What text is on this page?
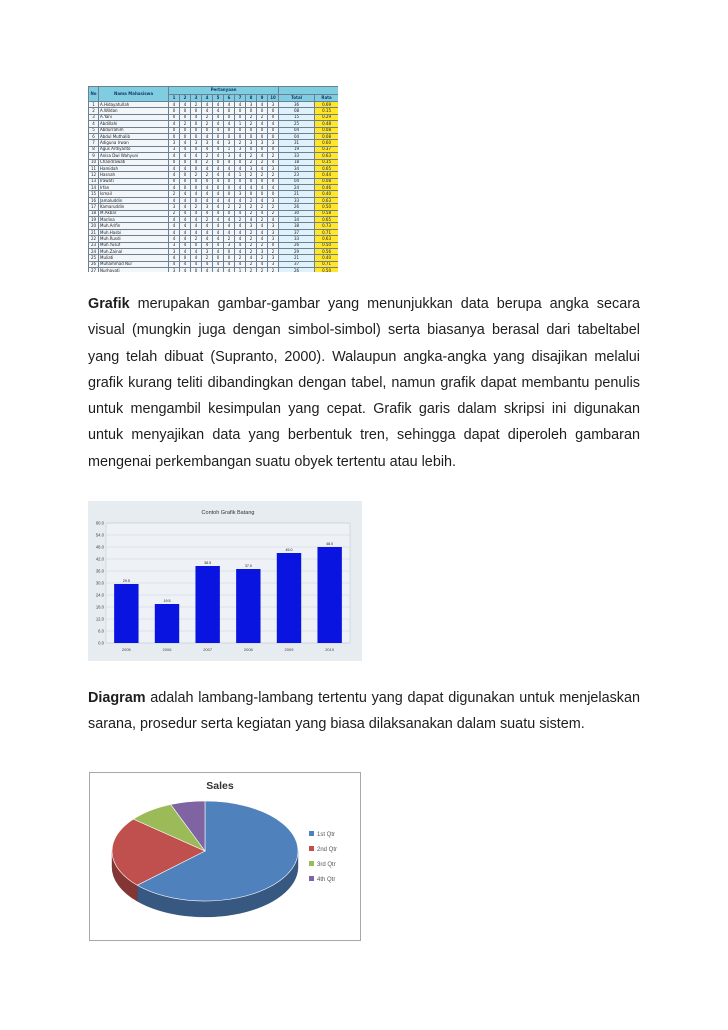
No	Nama Mahasiswa	Pertanyaan											
		1	2	3	4	5	6	7	8	9	10	Total	Rata
1	A.Hidayatullah	4	4	2	4	4	4	4	3	4	3	36	0.69
2	A.Wildan	0	0	0	4	4	0	0	0	0	0	08	0.15
3	A.Yani	0	0	4	2	4	0	0	2	2	0	15	0.29
4	Abdillahi	4	2	0	2	4	4	1	2	4	4	25	0.48
5	Abdurrahim	0	0	0	0	4	0	0	0	0	0	04	0.08
6	Abdul Muthalib	0	0	0	4	0	0	0	0	0	0	04	0.08
7	Adiguna Irwan	3	4	3	3	4	3	2	3	3	3	31	0.60
8	Agus Ardiyanto	3	4	0	4	4	1	3	0	0	0	19	0.37
9	Anisa Dwi Wahyuni	4	4	4	2	4	3	4	2	4	2	33	0.63
10	Chandrawati	0	0	4	2	0	4	0	2	2	4	18	0.35
11	Hamidah	4	4	0	4	4	4	4	3	4	3	34	0.65
12	Hasnah	4	0	2	2	4	4	1	2	2	2	23	0.44
13	Irawati	0	0	0	0	4	0	0	0	0	0	04	0.08
14	Irfan	4	0	0	4	0	0	4	4	4	4	24	0.46
15	Ismail	2	4	4	4	4	0	3	0	0	0	21	0.40
16	Jamaluddin	4	4	0	4	4	4	4	2	4	3	33	0.63
17	Kamaruddin	3	4	2	3	4	2	2	2	2	2	26	0.50
18	M.Akbar	2	4	4	4	4	0	4	2	4	2	30	0.58
19	Marlina	4	4	4	2	4	4	2	4	2	4	34	0.65
20	Muh.Arifin	4	4	4	4	4	4	4	3	4	3	38	0.73
21	Muh.Hasbi	4	4	4	4	4	4	4	2	4	3	37	0.71
22	Muh.Rusdi	4	4	2	4	4	2	4	2	4	3	33	0.63
23	Muh.Yusuf	3	4	0	4	4	3	4	2	2	0	26	0.50
24	Muh.Zainal	3	4	4	3	4	0	4	2	3	2	29	0.56
25	Muliati	4	0	4	2	0	0	2	4	2	3	21	0.40
26	Muhammad Nur	4	4	4	4	4	4	4	2	4	3	37	0.71
27	Nurhayati	3	4	0	4	4	4	1	2	2	2	26	0.50

Grafik merupakan gambar-gambar yang menunjukkan data berupa angka secara visual (mungkin juga dengan simbol-simbol) serta biasanya berasal dari tabeltabel yang telah dibuat (Supranto, 2000). Walaupun angka-angka yang disajikan melalui grafik kurang teliti dibandingkan dengan tabel, namun grafik dapat membantu penulis untuk mengambil kesimpulan yang cepat. Grafik garis dalam skripsi ini digunakan untuk menyajikan data yang berbentuk tren, sehingga dapat diperoleh gambaran mengenai perkembangan suatu obyek tertentu atau lebih.
Contoh Grafik Batang
0.0
6.0
12.0
18.0
24.0
30.0
36.0
42.0
48.0
54.0
60.0
29.5
2005
19.5
2006
38.5
2007
37.0
2008
45.0
2009
48.0
2010
Diagram adalah lambang-lambang tertentu yang dapat digunakan untuk menjelaskan sarana, prosedur serta kegiatan yang biasa dilaksanakan dalam suatu sistem.
Sales
1st Qtr
2nd Qtr
3rd Qtr
4th Qtr
